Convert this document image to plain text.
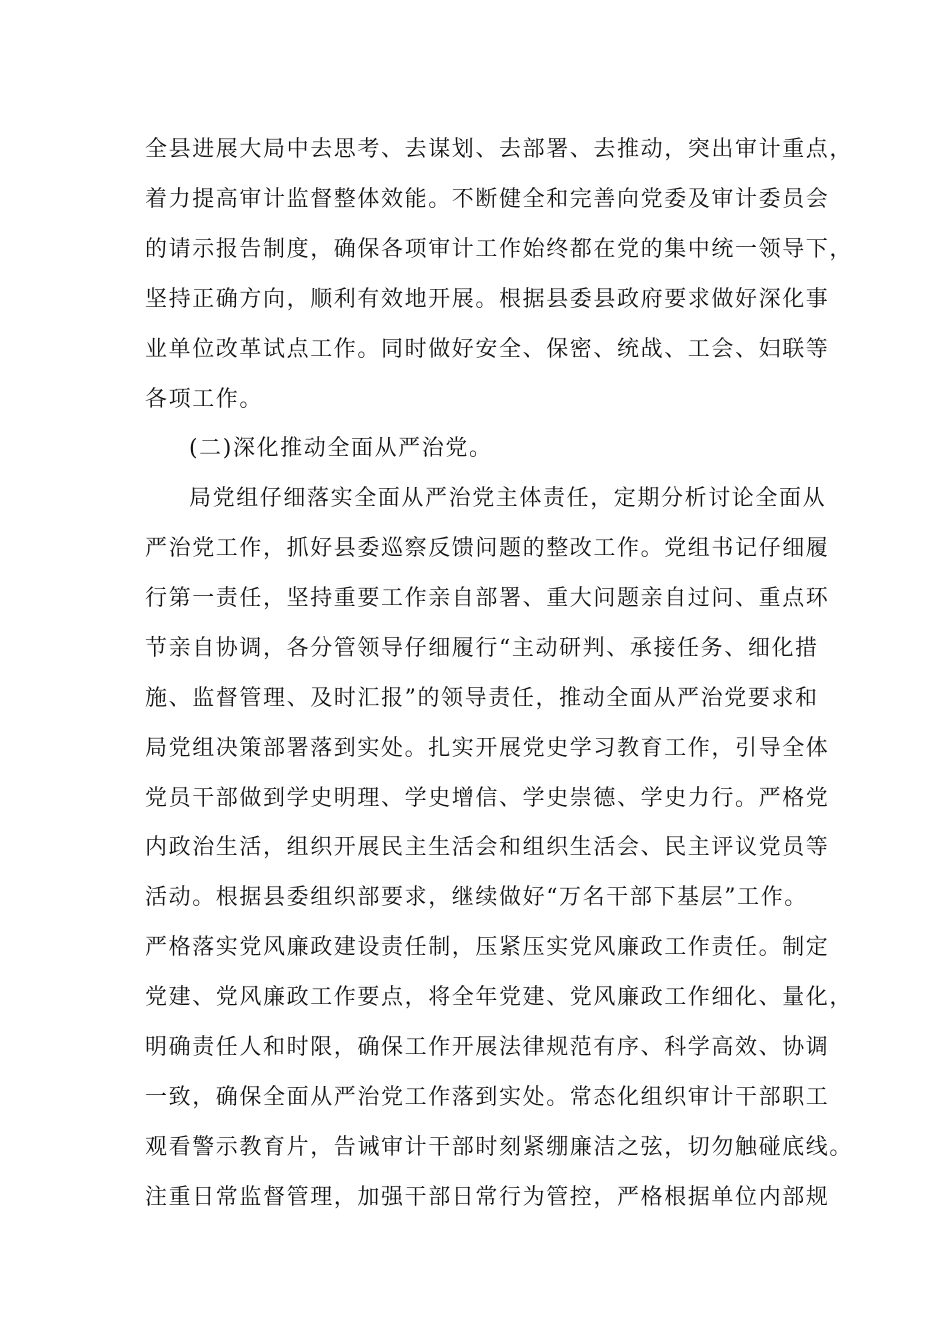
全县进展大局中去思考、去谋划、去部署、去推动，突出审计重点，
着力提高审计监督整体效能。不断健全和完善向党委及审计委员会
的请示报告制度，确保各项审计工作始终都在党的集中统一领导下，
坚持正确方向，顺利有效地开展。根据县委县政府要求做好深化事
业单位改革试点工作。同时做好安全、保密、统战、工会、妇联等
各项工作。
(二)深化推动全面从严治党。
局党组仔细落实全面从严治党主体责任，定期分析讨论全面从
严治党工作，抓好县委巡察反馈问题的整改工作。党组书记仔细履
行第一责任，坚持重要工作亲自部署、重大问题亲自过问、重点环
节亲自协调，各分管领导仔细履行“主动研判、承接任务、细化措
施、监督管理、及时汇报”的领导责任，推动全面从严治党要求和
局党组决策部署落到实处。扎实开展党史学习教育工作，引导全体
党员干部做到学史明理、学史增信、学史崇德、学史力行。严格党
内政治生活，组织开展民主生活会和组织生活会、民主评议党员等
活动。根据县委组织部要求，继续做好“万名干部下基层”工作。
严格落实党风廉政建设责任制，压紧压实党风廉政工作责任。制定
党建、党风廉政工作要点，将全年党建、党风廉政工作细化、量化，
明确责任人和时限，确保工作开展法律规范有序、科学高效、协调
一致，确保全面从严治党工作落到实处。常态化组织审计干部职工
观看警示教育片，告诫审计干部时刻紧绷廉洁之弦，切勿触碰底线。
注重日常监督管理，加强干部日常行为管控，严格根据单位内部规
